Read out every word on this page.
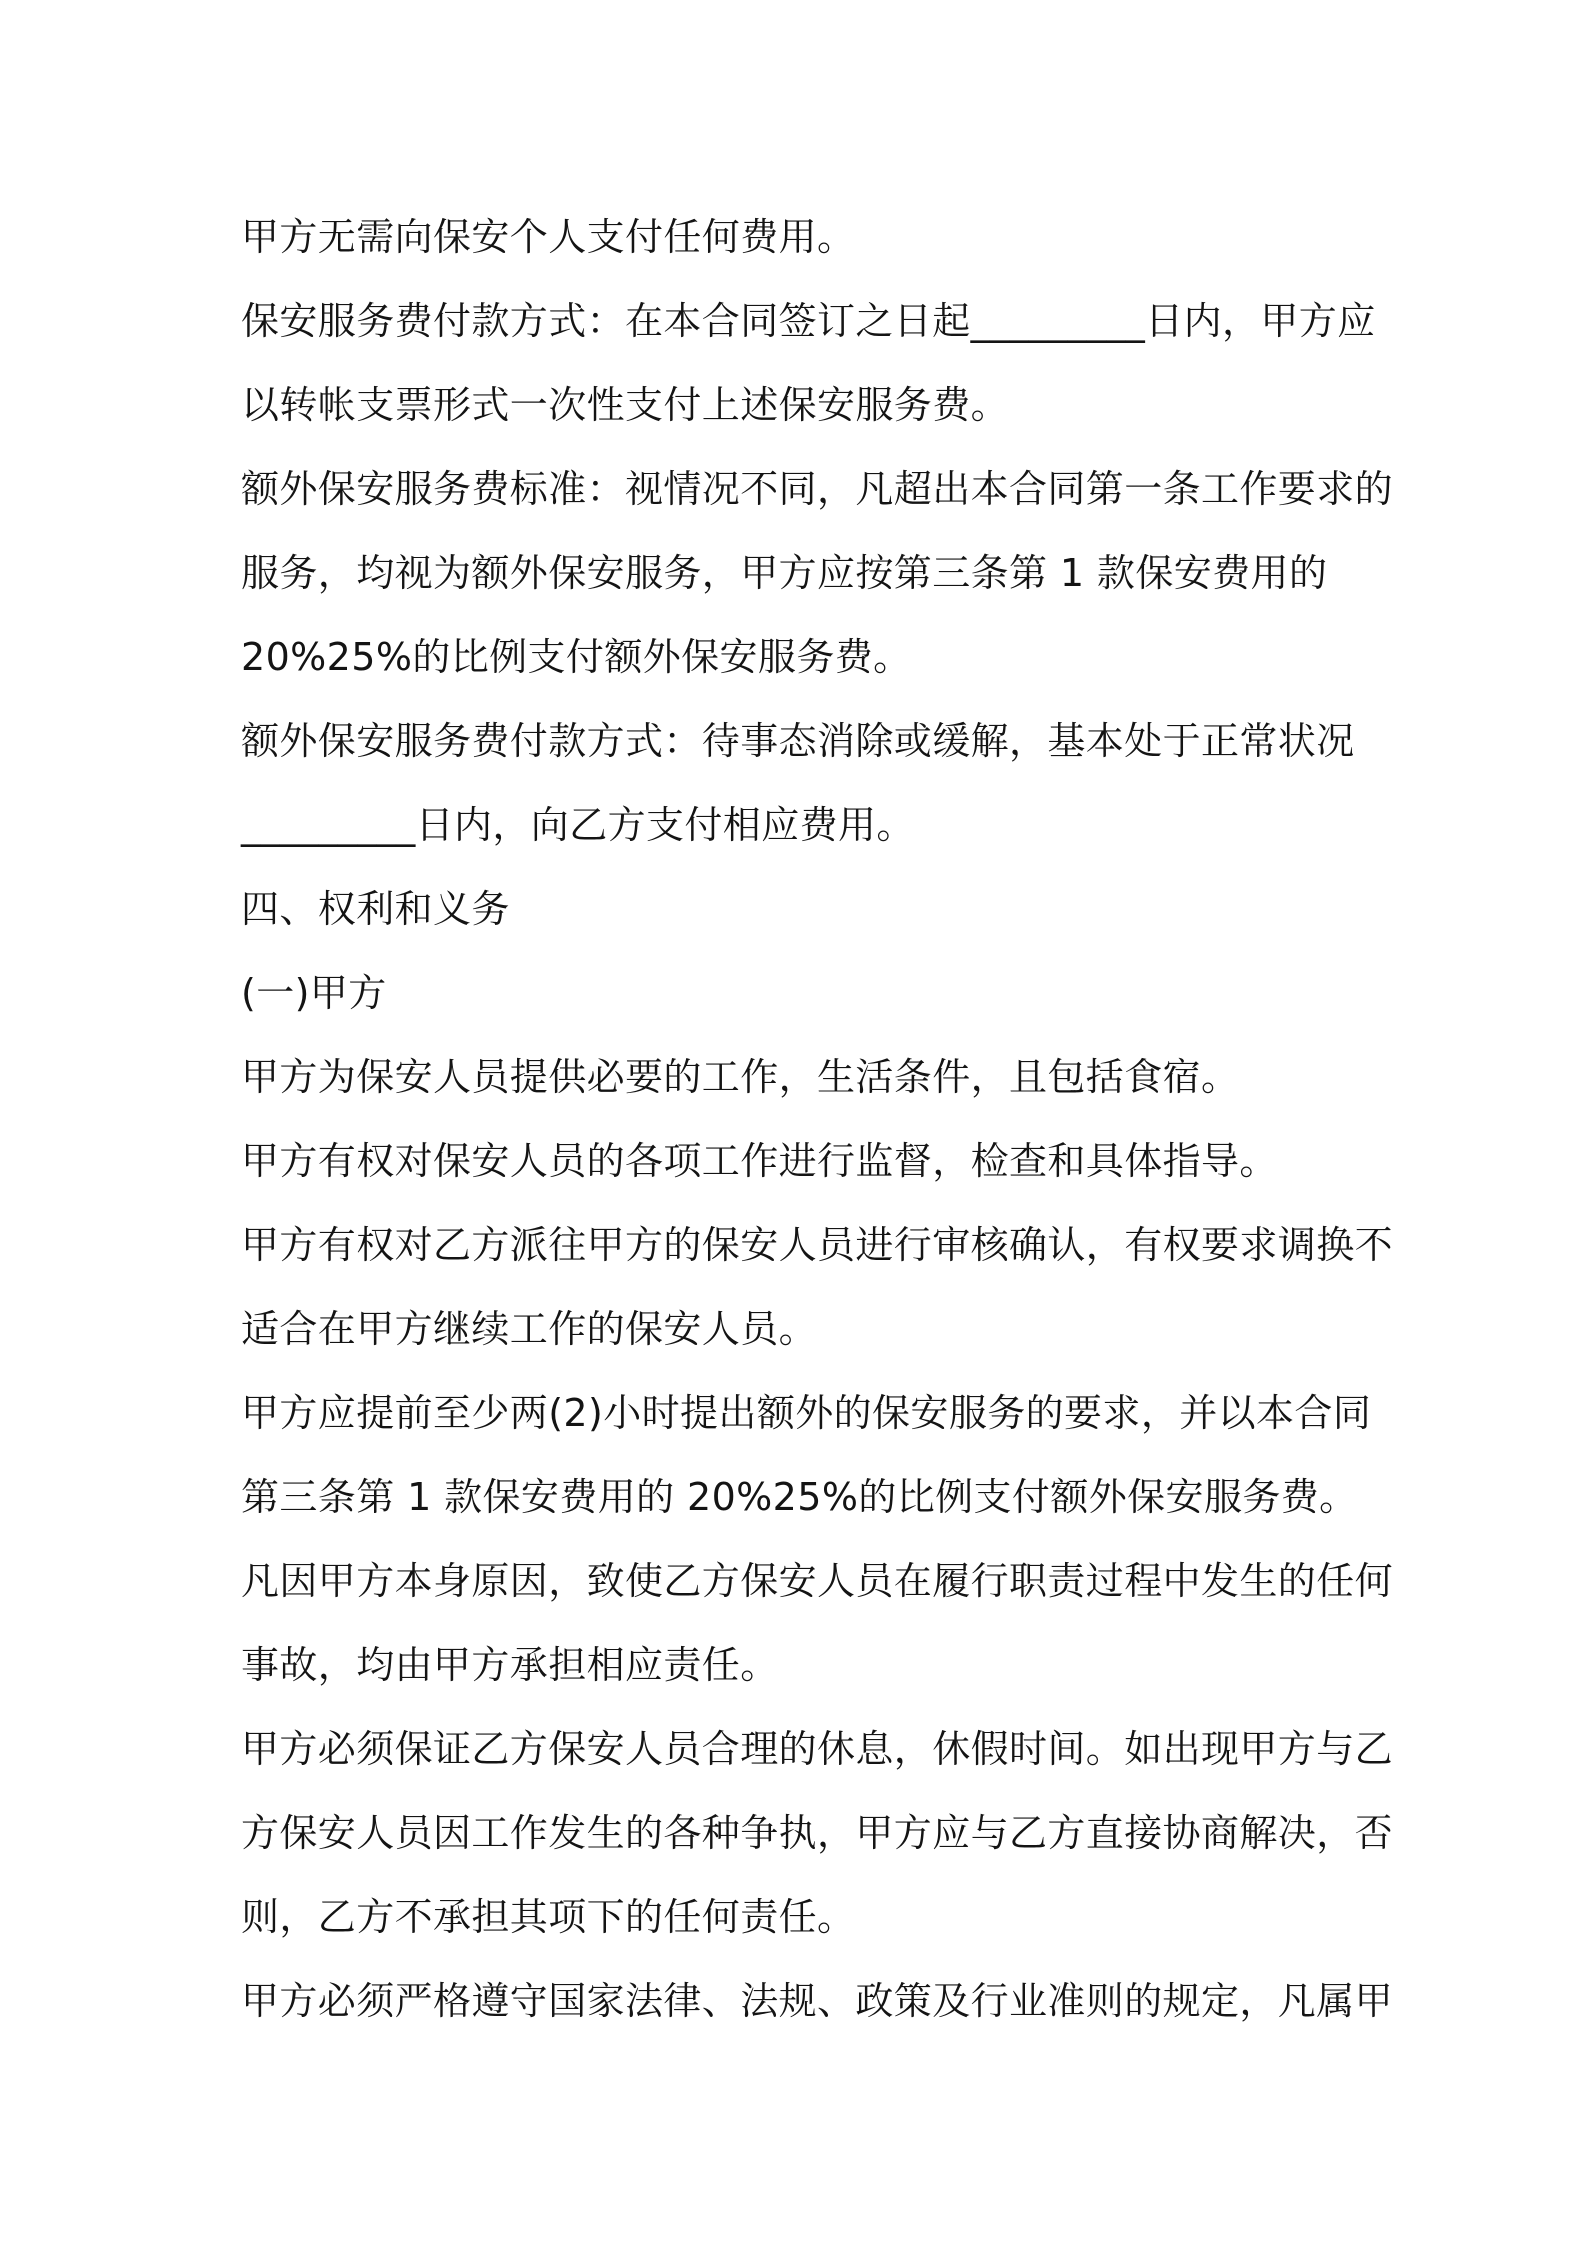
甲方无需向保安个人支付任何费用。
保安服务费付款方式：在本合同签订之日起_________日内，甲方应
以转帐支票形式一次性支付上述保安服务费。
额外保安服务费标准：视情况不同，凡超出本合同第一条工作要求的
服务，均视为额外保安服务，甲方应按第三条第 1 款保安费用的
20%25%的比例支付额外保安服务费。
额外保安服务费付款方式：待事态消除或缓解，基本处于正常状况
_________日内，向乙方支付相应费用。
四、权利和义务
(一)甲方
甲方为保安人员提供必要的工作，生活条件，且包括食宿。
甲方有权对保安人员的各项工作进行监督，检查和具体指导。
甲方有权对乙方派往甲方的保安人员进行审核确认，有权要求调换不
适合在甲方继续工作的保安人员。
甲方应提前至少两(2)小时提出额外的保安服务的要求，并以本合同
第三条第 1 款保安费用的 20%25%的比例支付额外保安服务费。
凡因甲方本身原因，致使乙方保安人员在履行职责过程中发生的任何
事故，均由甲方承担相应责任。
甲方必须保证乙方保安人员合理的休息，休假时间。如出现甲方与乙
方保安人员因工作发生的各种争执，甲方应与乙方直接协商解决，否
则，乙方不承担其项下的任何责任。
甲方必须严格遵守国家法律、法规、政策及行业准则的规定，凡属甲
